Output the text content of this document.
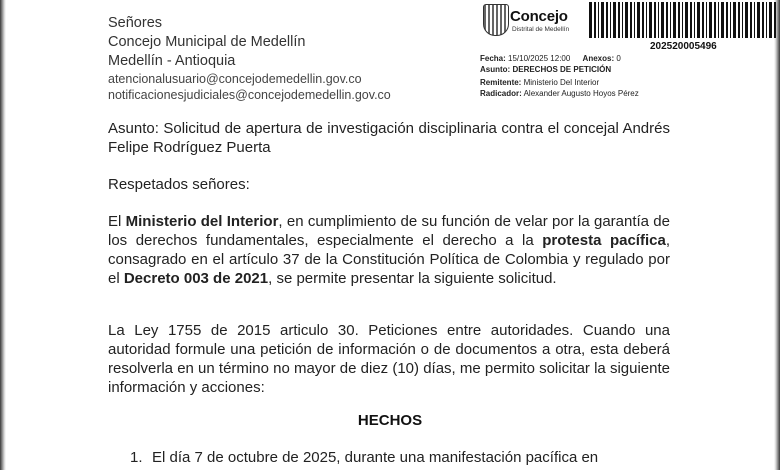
Señores
Concejo Municipal de Medellín
Medellín - Antioquia
atencionalusuario@concejodemedellin.gov.co
notificacionesjudiciales@concejodemedellin.gov.co
Concejo
Distrital de Medellín
202520005496
Fecha: 15/10/2025 12:00 Anexos: 0
Asunto: DERECHOS DE PETICIÓN
Remitente: Ministerio Del Interior
Radicador: Alexander Augusto Hoyos Pérez
Asunto: Solicitud de apertura de investigación disciplinaria contra el concejal Andrés Felipe Rodríguez Puerta
Respetados señores:
El Ministerio del Interior, en cumplimiento de su función de velar por la garantía de los derechos fundamentales, especialmente el derecho a la protesta pacífica, consagrado en el artículo 37 de la Constitución Política de Colombia y regulado por el Decreto 003 de 2021, se permite presentar la siguiente solicitud.
La Ley 1755 de 2015 articulo 30. Peticiones entre autoridades. Cuando una autoridad formule una petición de información o de documentos a otra, esta deberá resolverla en un término no mayor de diez (10) días, me permito solicitar la siguiente información y acciones:
HECHOS
1. El día 7 de octubre de 2025, durante una manifestación pacífica en
